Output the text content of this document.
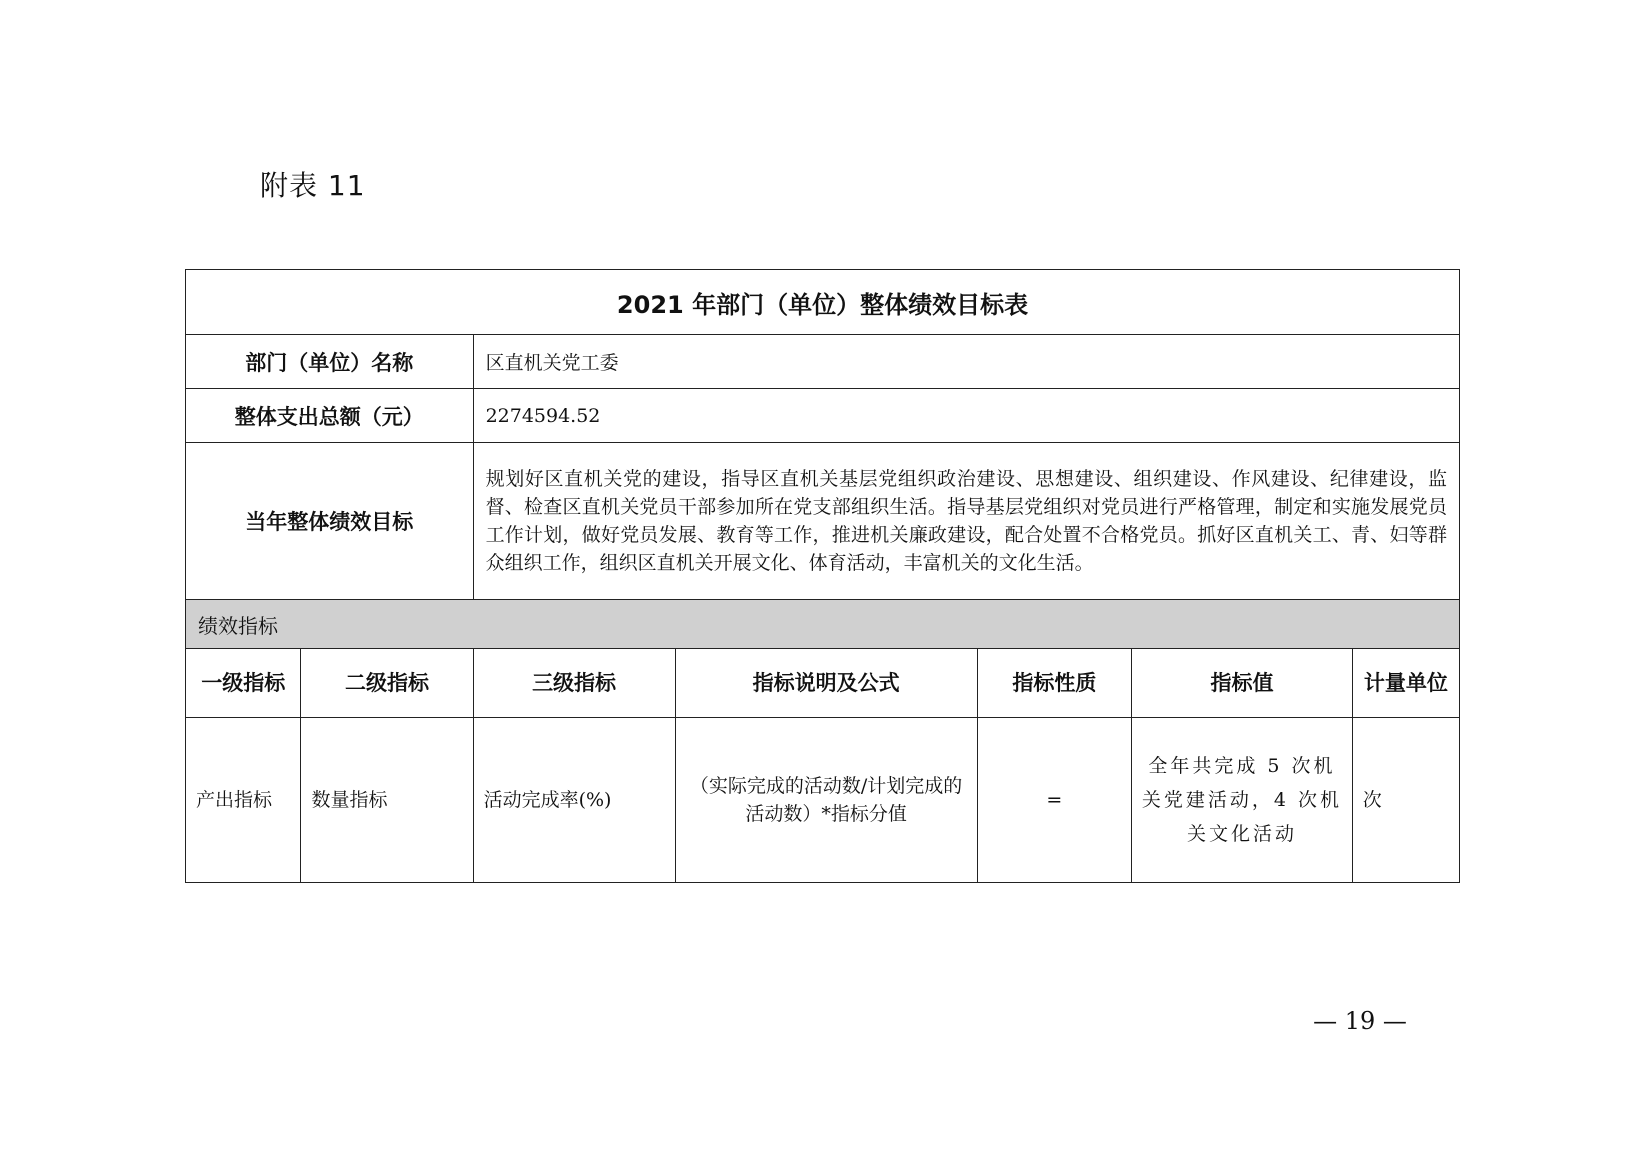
附表 11
2021 年部门（单位）整体绩效目标表						
部门（单位）名称		区直机关党工委				
整体支出总额（元）		2274594.52				
当年整体绩效目标		规划好区直机关党的建设，指导区直机关基层党组织政治建设、思想建设、组织建设、作风建设、纪律建设，监督、检查区直机关党员干部参加所在党支部组织生活。指导基层党组织对党员进行严格管理，制定和实施发展党员工作计划，做好党员发展、教育等工作，推进机关廉政建设，配合处置不合格党员。抓好区直机关工、青、妇等群众组织工作，组织区直机关开展文化、体育活动，丰富机关的文化生活。				
绩效指标						
一级指标	二级指标	三级指标	指标说明及公式	指标性质	指标值	计量单位
产出指标	数量指标	活动完成率(%)	（实际完成的活动数/计划完成的活动数）*指标分值	=	全年共完成 5 次机关党建活动，4 次机关文化活动	次
— 19 —
